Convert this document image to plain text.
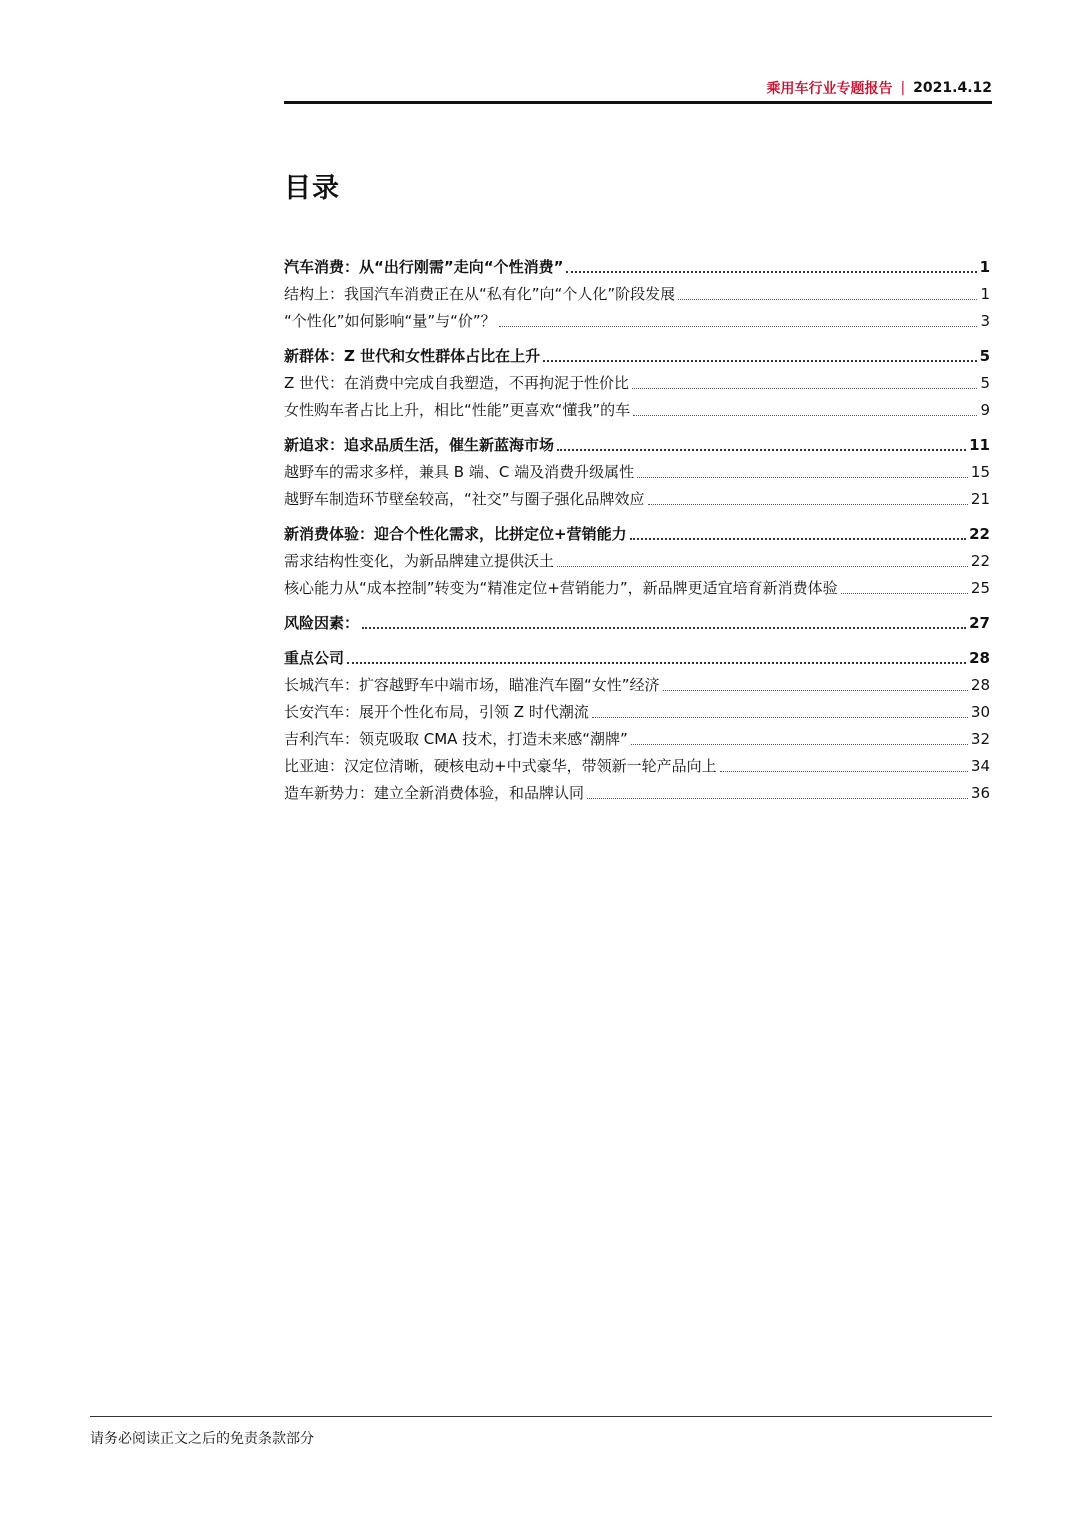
乘用车行业专题报告 | 2021.4.12
目录
汽车消费：从“出行刚需”走向“个性消费”	1
结构上：我国汽车消费正在从“私有化”向“个人化”阶段发展	1
“个性化”如何影响“量”与“价”？	3
新群体：Z 世代和女性群体占比在上升	5
Z 世代：在消费中完成自我塑造，不再拘泥于性价比	5
女性购车者占比上升，相比“性能”更喜欢“懂我”的车	9
新追求：追求品质生活，催生新蓝海市场	11
越野车的需求多样，兼具 B 端、C 端及消费升级属性	15
越野车制造环节壁垒较高，“社交”与圈子强化品牌效应	21
新消费体验：迎合个性化需求，比拼定位+营销能力	22
需求结构性变化，为新品牌建立提供沃土	22
核心能力从“成本控制”转变为“精准定位+营销能力”，新品牌更适宜培育新消费体验	25
风险因素：	27
重点公司	28
长城汽车：扩容越野车中端市场，瞄准汽车圈“女性”经济	28
长安汽车：展开个性化布局，引领 Z 时代潮流	30
吉利汽车：领克吸取 CMA 技术，打造未来感“潮牌”	32
比亚迪：汉定位清晰，硬核电动+中式豪华，带领新一轮产品向上	34
造车新势力：建立全新消费体验，和品牌认同	36
请务必阅读正文之后的免责条款部分
